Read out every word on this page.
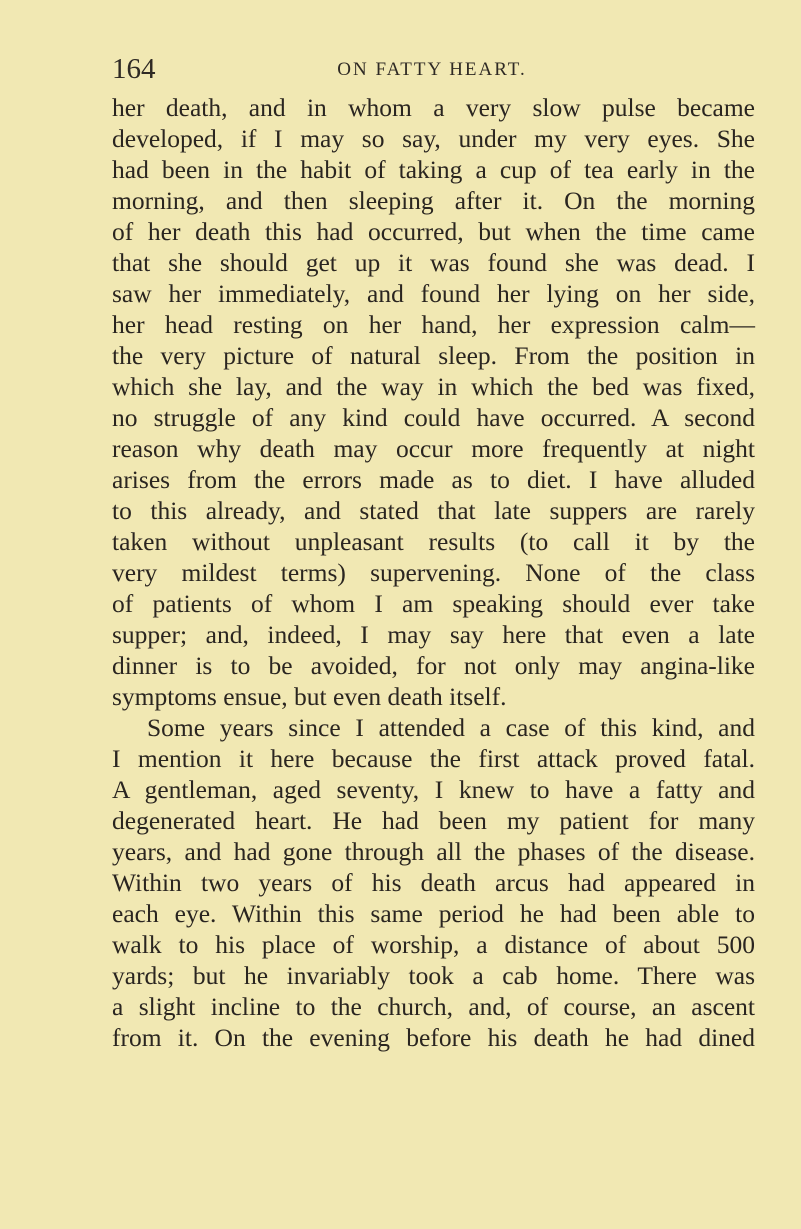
164	ON FATTY HEART.
her death, and in whom a very slow pulse became
developed, if I may so say, under my very eyes. She
had been in the habit of taking a cup of tea early in the
morning, and then sleeping after it. On the morning
of her death this had occurred, but when the time came
that she should get up it was found she was dead. I
saw her immediately, and found her lying on her side,
her head resting on her hand, her expression calm—
the very picture of natural sleep. From the position in
which she lay, and the way in which the bed was fixed,
no struggle of any kind could have occurred. A second
reason why death may occur more frequently at night
arises from the errors made as to diet. I have alluded
to this already, and stated that late suppers are rarely
taken without unpleasant results (to call it by the
very mildest terms) supervening. None of the class
of patients of whom I am speaking should ever take
supper; and, indeed, I may say here that even a late
dinner is to be avoided, for not only may angina-like
symptoms ensue, but even death itself.
Some years since I attended a case of this kind, and
I mention it here because the first attack proved fatal.
A gentleman, aged seventy, I knew to have a fatty and
degenerated heart. He had been my patient for many
years, and had gone through all the phases of the disease.
Within two years of his death arcus had appeared in
each eye. Within this same period he had been able to
walk to his place of worship, a distance of about 500
yards; but he invariably took a cab home. There was
a slight incline to the church, and, of course, an ascent
from it. On the evening before his death he had dined
